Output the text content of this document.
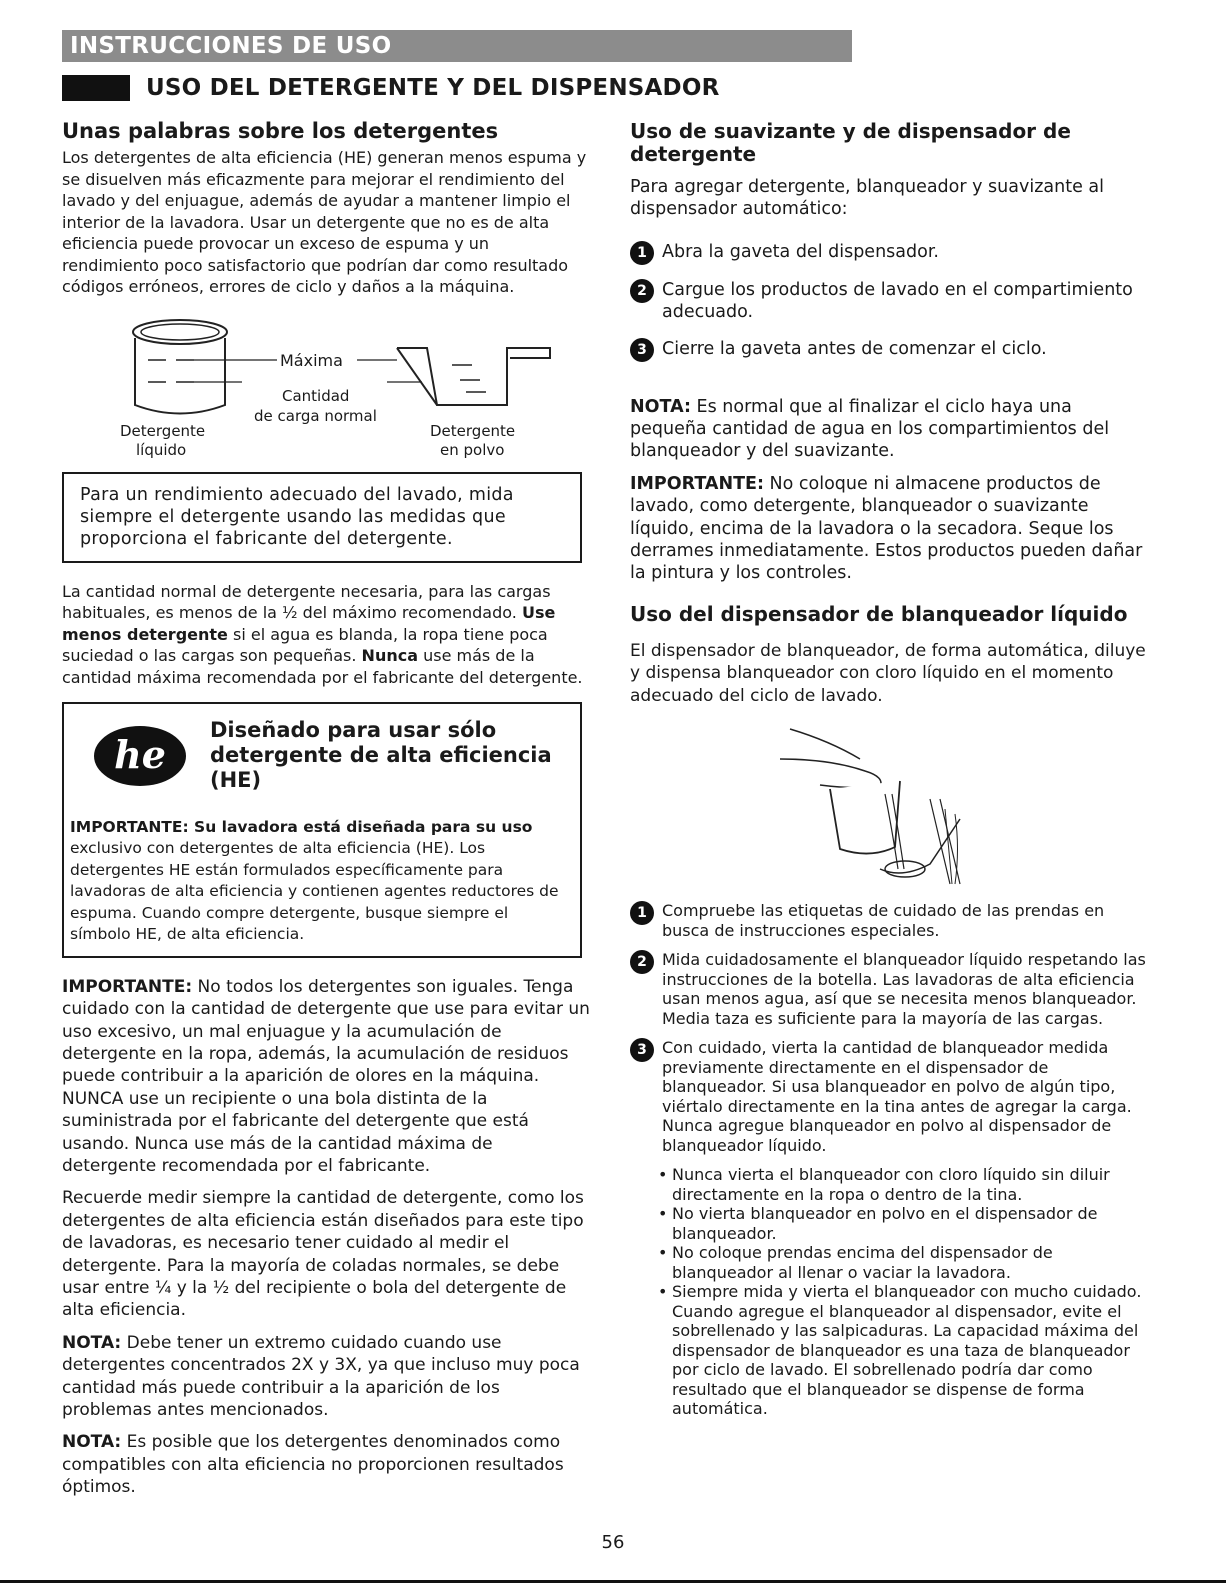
INSTRUCCIONES DE USO
USO DEL DETERGENTE Y DEL DISPENSADOR
Unas palabras sobre los detergentes

Los detergentes de alta eficiencia (HE) generan menos espuma y se disuelven más eficazmente para mejorar el rendimiento del lavado y del enjuague, además de ayudar a mantener limpio el interior de la lavadora. Usar un detergente que no es de alta eficiencia puede provocar un exceso de espuma y un rendimiento poco satisfactorio que podrían dar como resultado códigos erróneos, errores de ciclo y daños a la máquina.

Máxima
Cantidad
de carga normal
Detergente
líquido
Detergente
en polvo

Para un rendimiento adecuado del lavado, mida siempre el detergente usando las medidas que proporciona el fabricante del detergente.

La cantidad normal de detergente necesaria, para las cargas habituales, es menos de la ½ del máximo recomendado. Use menos detergente si el agua es blanda, la ropa tiene poca suciedad o las cargas son pequeñas. Nunca use más de la cantidad máxima recomendada por el fabricante del detergente.

he
Diseñado para usar sólo
detergente de alta eficiencia (HE)

IMPORTANTE: Su lavadora está diseñada para su uso

exclusivo con detergentes de alta eficiencia (HE). Los detergentes HE están formulados específicamente para lavadoras de alta eficiencia y contienen agentes reductores de espuma. Cuando compre detergente, busque siempre el símbolo HE, de alta eficiencia.

IMPORTANTE: No todos los detergentes son iguales. Tenga cuidado con la cantidad de detergente que use para evitar un uso excesivo, un mal enjuague y la acumulación de detergente en la ropa, además, la acumulación de residuos puede contribuir a la aparición de olores en la máquina. NUNCA use un recipiente o una bola distinta de la suministrada por el fabricante del detergente que está usando. Nunca use más de la cantidad máxima de detergente recomendada por el fabricante.

Recuerde medir siempre la cantidad de detergente, como los detergentes de alta eficiencia están diseñados para este tipo de lavadoras, es necesario tener cuidado al medir el detergente. Para la mayoría de coladas normales, se debe usar entre ¼ y la ½ del recipiente o bola del detergente de alta eficiencia.

NOTA: Debe tener un extremo cuidado cuando use detergentes concentrados 2X y 3X, ya que incluso muy poca cantidad más puede contribuir a la aparición de los problemas antes mencionados.

NOTA: Es posible que los detergentes denominados como compatibles con alta eficiencia no proporcionen resultados óptimos.

Uso de suavizante y de dispensador de detergente

Para agregar detergente, blanqueador y suavizante al dispensador automático:

1 Abra la gaveta del dispensador.
2 Cargue los productos de lavado en el compartimiento adecuado.
3 Cierre la gaveta antes de comenzar el ciclo.

NOTA: Es normal que al finalizar el ciclo haya una pequeña cantidad de agua en los compartimientos del blanqueador y del suavizante.

IMPORTANTE: No coloque ni almacene productos de lavado, como detergente, blanqueador o suavizante líquido, encima de la lavadora o la secadora. Seque los derrames inmediatamente. Estos productos pueden dañar la pintura y los controles.

Uso del dispensador de blanqueador líquido

El dispensador de blanqueador, de forma automática, diluye y dispensa blanqueador con cloro líquido en el momento adecuado del ciclo de lavado.

1 Compruebe las etiquetas de cuidado de las prendas en busca de instrucciones especiales.
2 Mida cuidadosamente el blanqueador líquido respetando las instrucciones de la botella. Las lavadoras de alta eficiencia usan menos agua, así que se necesita menos blanqueador. Media taza es suficiente para la mayoría de las cargas.
3 Con cuidado, vierta la cantidad de blanqueador medida previamente directamente en el dispensador de blanqueador. Si usa blanqueador en polvo de algún tipo, viértalo directamente en la tina antes de agregar la carga. Nunca agregue blanqueador en polvo al dispensador de blanqueador líquido.
• Nunca vierta el blanqueador con cloro líquido sin diluir directamente en la ropa o dentro de la tina.
• No vierta blanqueador en polvo en el dispensador de blanqueador.
• No coloque prendas encima del dispensador de blanqueador al llenar o vaciar la lavadora.
• Siempre mida y vierta el blanqueador con mucho cuidado. Cuando agregue el blanqueador al dispensador, evite el sobrellenado y las salpicaduras. La capacidad máxima del dispensador de blanqueador es una taza de blanqueador por ciclo de lavado. El sobrellenado podría dar como resultado que el blanqueador se dispense de forma automática.
56
